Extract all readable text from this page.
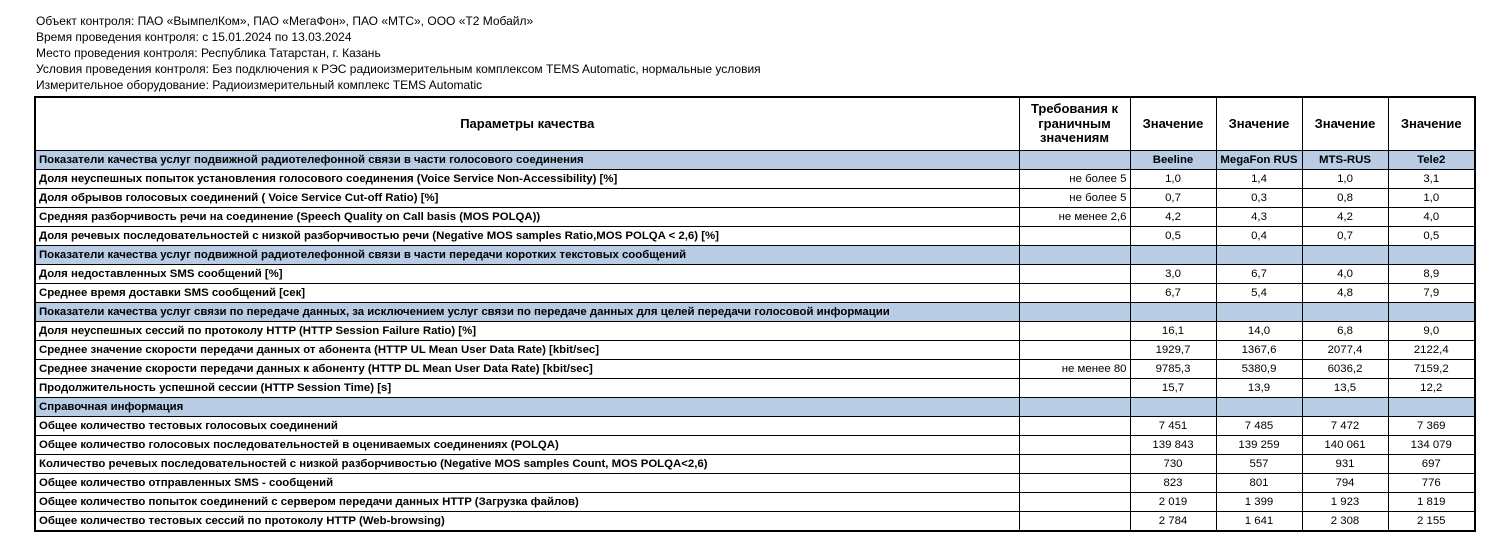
Объект контроля: ПАО «ВымпелКом», ПАО «МегаФон», ПАО «МТС», ООО «Т2 Мобайл»
Время проведения контроля: с 15.01.2024 по 13.03.2024
Место проведения контроля: Республика Татарстан, г. Казань
Условия проведения контроля: Без подключения к РЭС радиоизмерительным комплексом TEMS Automatic, нормальные условия
Измерительное оборудование: Радиоизмерительный комплекс TEMS Automatic
Параметры качества	Требования к граничным значениям	Значение	Значение	Значение	Значение
Показатели качества услуг подвижной радиотелефонной связи в части голосового соединения		Beeline	MegaFon RUS	MTS-RUS	Tele2
Доля неуспешных попыток установления голосового соединения (Voice Service Non-Accessibility) [%]	не более 5	1,0	1,4	1,0	3,1
Доля обрывов голосовых соединений ( Voice Service Cut-off Ratio) [%]	не более 5	0,7	0,3	0,8	1,0
Средняя разборчивость речи на соединение (Speech Quality on Call basis (MOS POLQA))	не менее 2,6	4,2	4,3	4,2	4,0
Доля речевых последовательностей с низкой разборчивостью речи (Negative MOS samples Ratio,MOS POLQA < 2,6) [%]		0,5	0,4	0,7	0,5
Показатели качества услуг подвижной радиотелефонной связи в части передачи коротких текстовых сообщений					
Доля недоставленных SMS сообщений [%]		3,0	6,7	4,0	8,9
Среднее время доставки SMS сообщений [сек]		6,7	5,4	4,8	7,9
Показатели качества услуг связи по передаче данных, за исключением услуг связи по передаче данных для целей передачи голосовой информации					
Доля неуспешных сессий по протоколу HTTP (HTTP Session Failure Ratio) [%]		16,1	14,0	6,8	9,0
Среднее значение скорости передачи данных от абонента (HTTP UL Mean User Data Rate) [kbit/sec]		1929,7	1367,6	2077,4	2122,4
Среднее значение скорости передачи данных к абоненту (HTTP DL Mean User Data Rate) [kbit/sec]	не менее 80	9785,3	5380,9	6036,2	7159,2
Продолжительность успешной сессии (HTTP Session Time) [s]		15,7	13,9	13,5	12,2
Справочная информация					
Общее количество тестовых голосовых соединений		7 451	7 485	7 472	7 369
Общее количество голосовых последовательностей в оцениваемых соединениях (POLQA)		139 843	139 259	140 061	134 079
Количество речевых последовательностей с низкой разборчивостью (Negative MOS samples Count, MOS POLQA<2,6)		730	557	931	697
Общее количество отправленных SMS - сообщений		823	801	794	776
Общее количество попыток соединений с сервером передачи данных HTTP (Загрузка файлов)		2 019	1 399	1 923	1 819
Общее количество тестовых сессий по протоколу HTTP (Web-browsing)		2 784	1 641	2 308	2 155
